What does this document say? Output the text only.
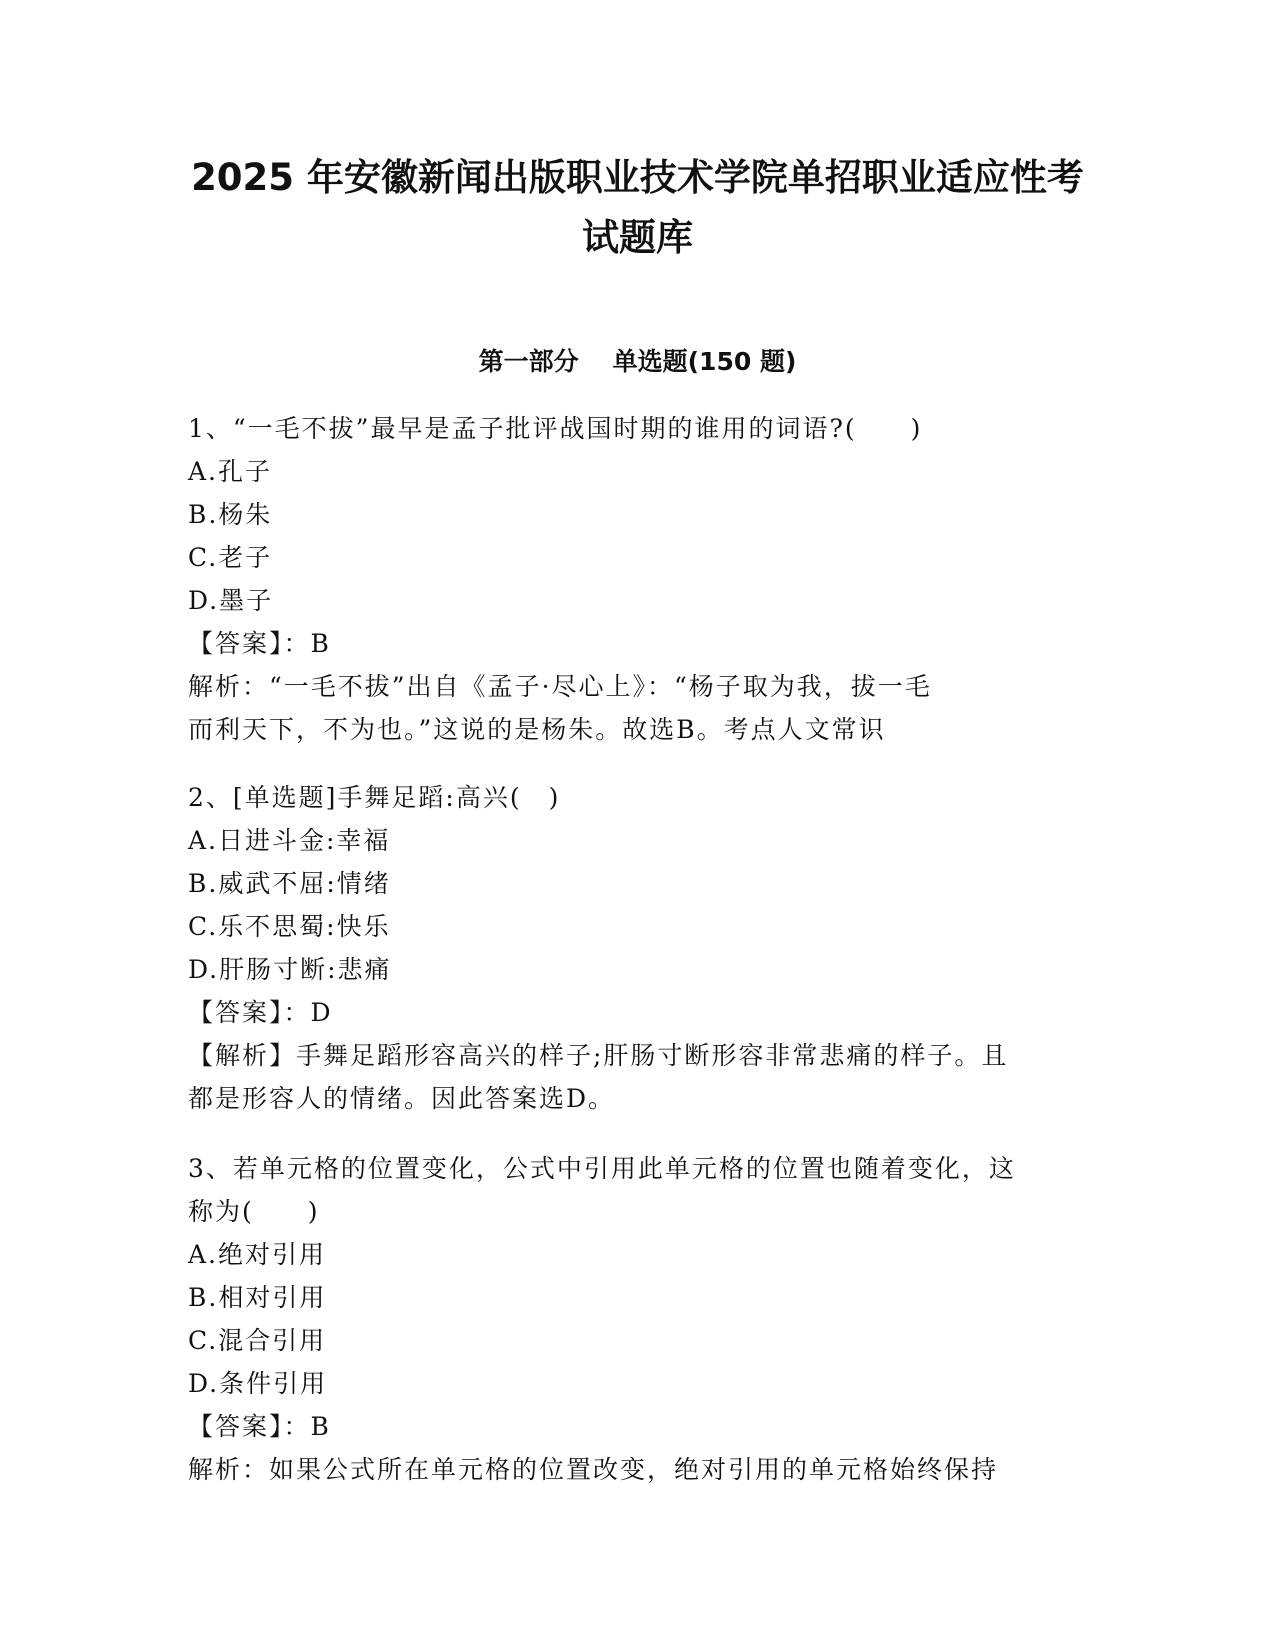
2025 年安徽新闻出版职业技术学院单招职业适应性考
试题库
第一部分 单选题(150 题)
1、“一毛不拔”最早是孟子批评战国时期的谁用的词语?(　　)
A.孔子
B.杨朱
C.老子
D.墨子
【答案】：B
解析：“一毛不拔”出自《孟子·尽心上》：“杨子取为我，拔一毛
而利天下，不为也。”这说的是杨朱。故选B。考点人文常识
2、[单选题]手舞足蹈:高兴(　)
A.日进斗金:幸福
B.威武不屈:情绪
C.乐不思蜀:快乐
D.肝肠寸断:悲痛
【答案】：D
【解析】手舞足蹈形容高兴的样子;肝肠寸断形容非常悲痛的样子。且
都是形容人的情绪。因此答案选D。
3、若单元格的位置变化，公式中引用此单元格的位置也随着变化，这
称为(　　)
A.绝对引用
B.相对引用
C.混合引用
D.条件引用
【答案】：B
解析：如果公式所在单元格的位置改变，绝对引用的单元格始终保持
